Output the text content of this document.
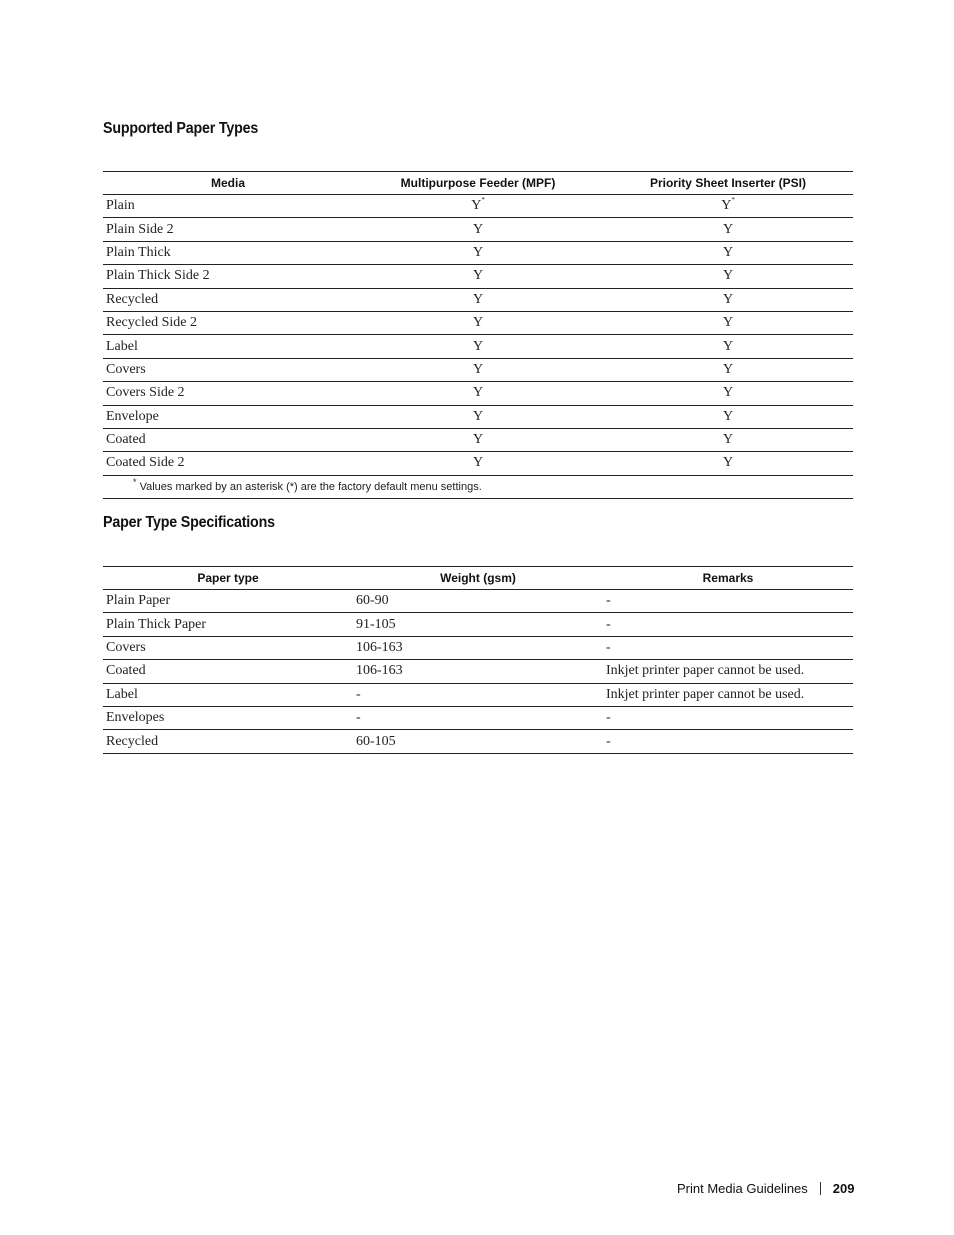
Supported Paper Types
Media	Multipurpose Feeder (MPF)	Priority Sheet Inserter (PSI)
Plain	Y*	Y*
Plain Side 2	Y	Y
Plain Thick	Y	Y
Plain Thick Side 2	Y	Y
Recycled	Y	Y
Recycled Side 2	Y	Y
Label	Y	Y
Covers	Y	Y
Covers Side 2	Y	Y
Envelope	Y	Y
Coated	Y	Y
Coated Side 2	Y	Y
* Values marked by an asterisk (*) are the factory default menu settings.		
Paper Type Specifications
Paper type	Weight (gsm)	Remarks
Plain Paper	60-90	-
Plain Thick Paper	91-105	-
Covers	106-163	-
Coated	106-163	Inkjet printer paper cannot be used.
Label	-	Inkjet printer paper cannot be used.
Envelopes	-	-
Recycled	60-105	-
Print Media Guidelines 209
